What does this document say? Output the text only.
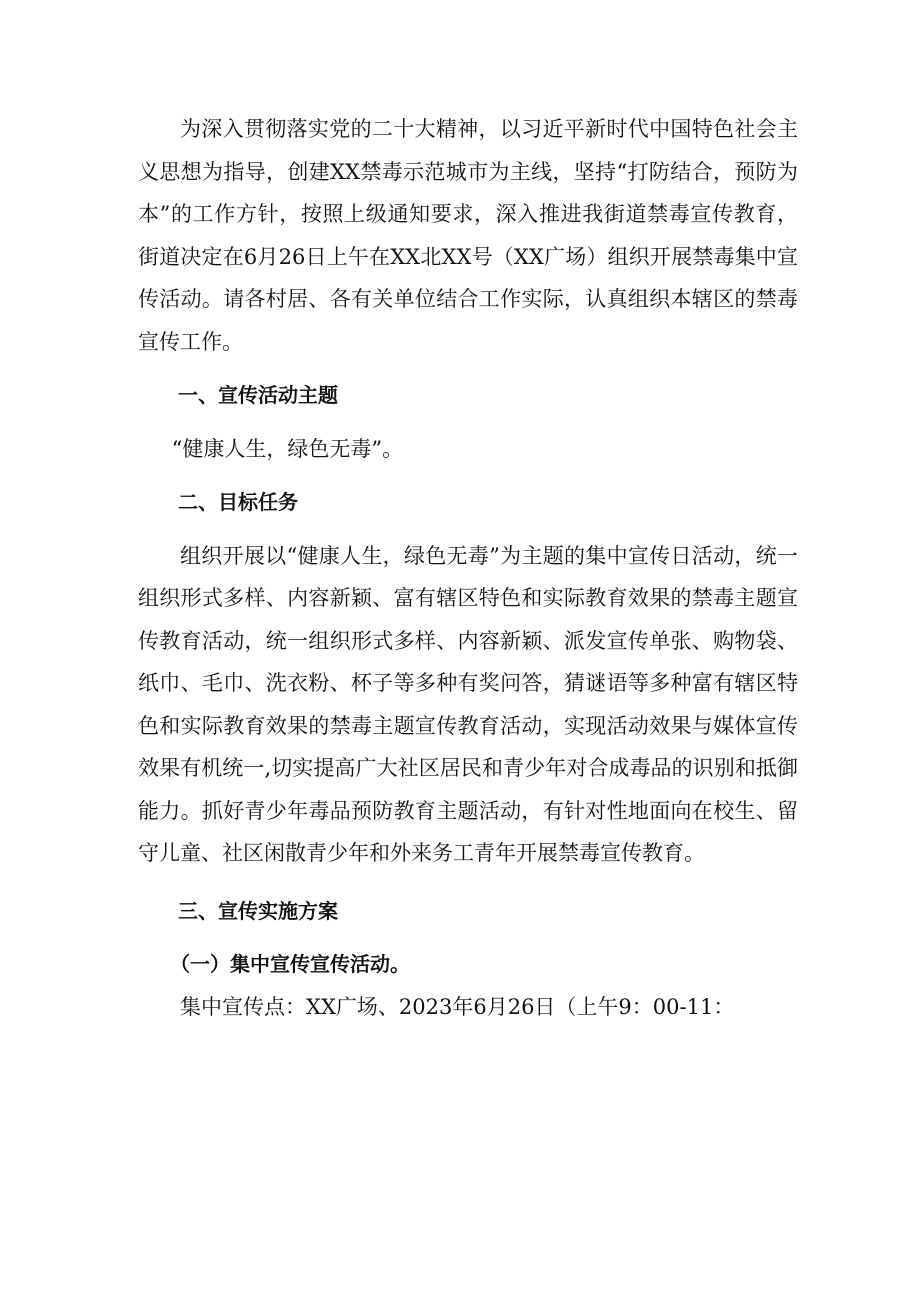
为深入贯彻落实党的二十大精神，以习近平新时代中国特色社会主义思想为指导，创建XX禁毒示范城市为主线，坚持“打防结合，预防为本”的工作方针，按照上级通知要求，深入推进我街道禁毒宣传教育，街道决定在6月26日上午在XX北XX号（XX广场）组织开展禁毒集中宣传活动。请各村居、各有关单位结合工作实际，认真组织本辖区的禁毒宣传工作。

一、宣传活动主题

“健康人生，绿色无毒”。

二、目标任务

组织开展以“健康人生，绿色无毒”为主题的集中宣传日活动，统一组织形式多样、内容新颖、富有辖区特色和实际教育效果的禁毒主题宣传教育活动，统一组织形式多样、内容新颖、派发宣传单张、购物袋、纸巾、毛巾、洗衣粉、杯子等多种有奖问答，猜谜语等多种富有辖区特色和实际教育效果的禁毒主题宣传教育活动，实现活动效果与媒体宣传效果有机统一,切实提高广大社区居民和青少年对合成毒品的识别和抵御能力。抓好青少年毒品预防教育主题活动，有针对性地面向在校生、留守儿童、社区闲散青少年和外来务工青年开展禁毒宣传教育。

三、宣传实施方案

（一）集中宣传宣传活动。

集中宣传点：XX广场、2023年6月26日（上午9：00-11：
